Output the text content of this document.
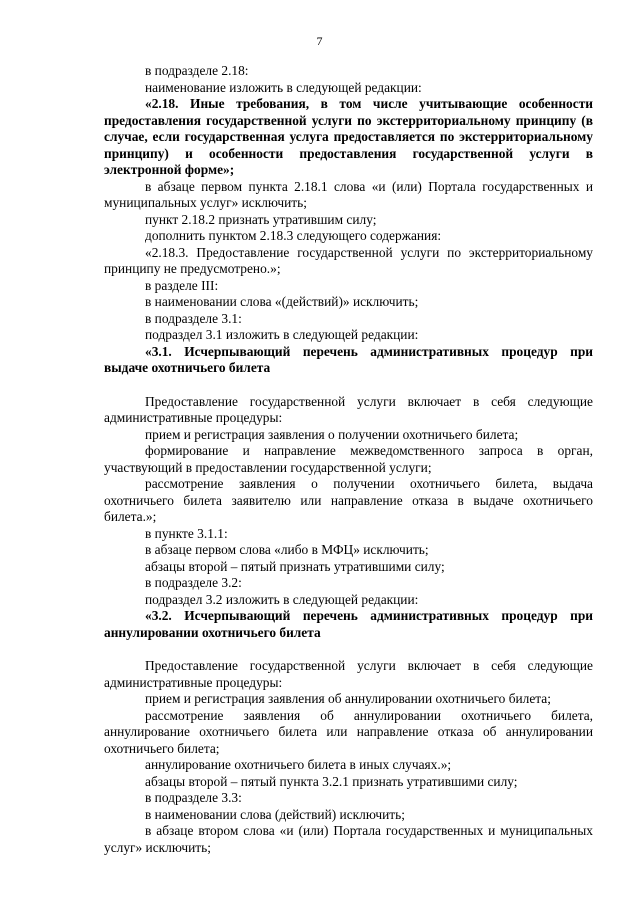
7

в подразделе 2.18:

наименование изложить в следующей редакции:

«2.18. Иные требования, в том числе учитывающие особенности предоставления государственной услуги по экстерриториальному принципу (в случае, если государственная услуга предоставляется по экстерриториальному принципу) и особенности предоставления государственной услуги в электронной форме»;

в абзаце первом пункта 2.18.1 слова «и (или) Портала государственных и муниципальных услуг» исключить;

пункт 2.18.2 признать утратившим силу;

дополнить пунктом 2.18.3 следующего содержания:

«2.18.3. Предоставление государственной услуги по экстерриториальному принципу не предусмотрено.»;

в разделе III:

в наименовании слова «(действий)» исключить;

в подразделе 3.1:

подраздел 3.1 изложить в следующей редакции:

«3.1. Исчерпывающий перечень административных процедур при выдаче охотничьего билета

Предоставление государственной услуги включает в себя следующие административные процедуры:

прием и регистрация заявления о получении охотничьего билета;

формирование и направление межведомственного запроса в орган, участвующий в предоставлении государственной услуги;

рассмотрение заявления о получении охотничьего билета, выдача охотничьего билета заявителю или направление отказа в выдаче охотничьего билета.»;

в пункте 3.1.1:

в абзаце первом слова «либо в МФЦ» исключить;

абзацы второй – пятый признать утратившими силу;

в подразделе 3.2:

подраздел 3.2 изложить в следующей редакции:

«3.2. Исчерпывающий перечень административных процедур при аннулировании охотничьего билета

Предоставление государственной услуги включает в себя следующие административные процедуры:

прием и регистрация заявления об аннулировании охотничьего билета;

рассмотрение заявления об аннулировании охотничьего билета, аннулирование охотничьего билета или направление отказа об аннулировании охотничьего билета;

аннулирование охотничьего билета в иных случаях.»;

абзацы второй – пятый пункта 3.2.1 признать утратившими силу;

в подразделе 3.3:

в наименовании слова (действий) исключить;

в абзаце втором слова «и (или) Портала государственных и муниципальных услуг» исключить;
